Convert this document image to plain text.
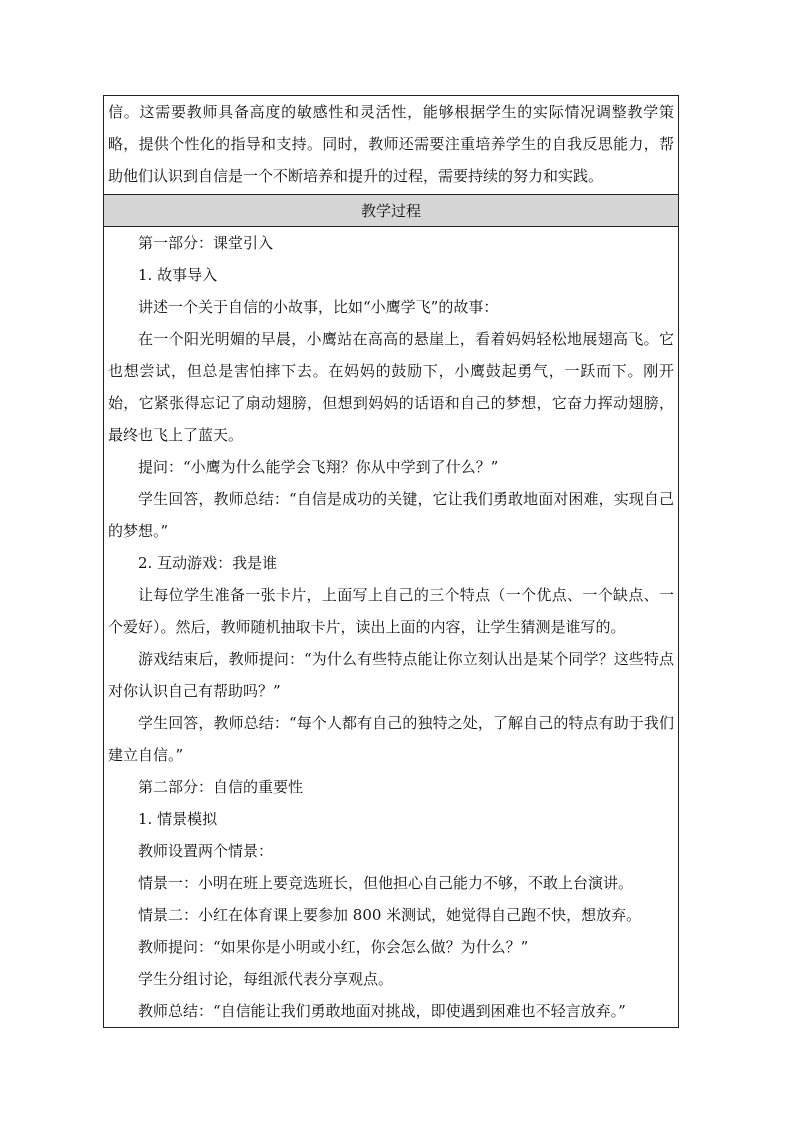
信。这需要教师具备高度的敏感性和灵活性，能够根据学生的实际情况调整教学策略，提供个性化的指导和支持。同时，教师还需要注重培养学生的自我反思能力，帮助他们认识到自信是一个不断培养和提升的过程，需要持续的努力和实践。

教学过程

第一部分：课堂引入

1. 故事导入

讲述一个关于自信的小故事，比如“小鹰学飞”的故事：

在一个阳光明媚的早晨，小鹰站在高高的悬崖上，看着妈妈轻松地展翅高飞。它也想尝试，但总是害怕摔下去。在妈妈的鼓励下，小鹰鼓起勇气，一跃而下。刚开始，它紧张得忘记了扇动翅膀，但想到妈妈的话语和自己的梦想，它奋力挥动翅膀，最终也飞上了蓝天。

提问：“小鹰为什么能学会飞翔？你从中学到了什么？”

学生回答，教师总结：“自信是成功的关键，它让我们勇敢地面对困难，实现自己的梦想。”

2. 互动游戏：我是谁

让每位学生准备一张卡片，上面写上自己的三个特点（一个优点、一个缺点、一个爱好）。然后，教师随机抽取卡片，读出上面的内容，让学生猜测是谁写的。

游戏结束后，教师提问：“为什么有些特点能让你立刻认出是某个同学？这些特点对你认识自己有帮助吗？”

学生回答，教师总结：“每个人都有自己的独特之处，了解自己的特点有助于我们建立自信。”

第二部分：自信的重要性

1. 情景模拟

教师设置两个情景：

情景一：小明在班上要竞选班长，但他担心自己能力不够，不敢上台演讲。

情景二：小红在体育课上要参加 800 米测试，她觉得自己跑不快，想放弃。

教师提问：“如果你是小明或小红，你会怎么做？为什么？”

学生分组讨论，每组派代表分享观点。

教师总结：“自信能让我们勇敢地面对挑战，即使遇到困难也不轻言放弃。”
